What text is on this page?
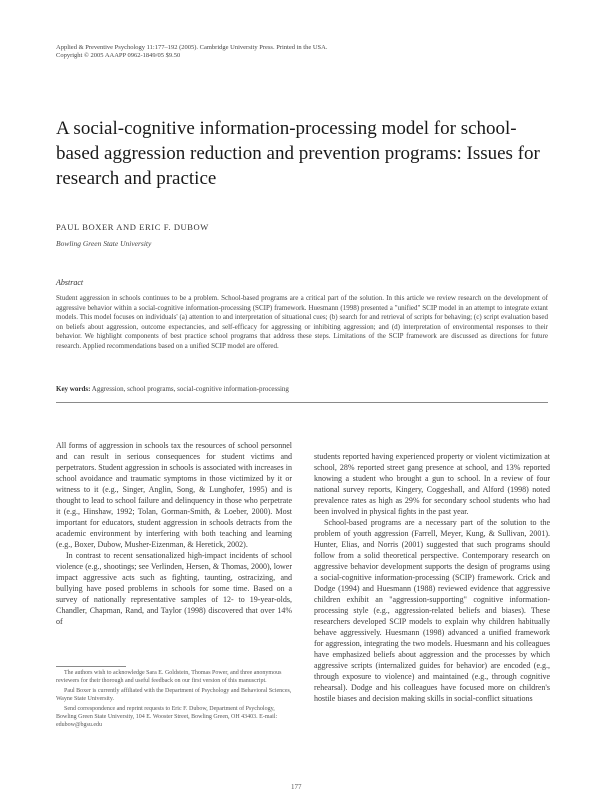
Applied & Preventive Psychology 11:177–192 (2005). Cambridge University Press. Printed in the USA.
Copyright © 2005 AAAPP 0962-1849/05 $9.50
A social-cognitive information-processing model for school-based aggression reduction and prevention programs: Issues for research and practice
PAUL BOXER AND ERIC F. DUBOW
Bowling Green State University
Abstract

Student aggression in schools continues to be a problem. School-based programs are a critical part of the solution. In this article we review research on the development of aggressive behavior within a social-cognitive information-processing (SCIP) framework. Huesmann (1998) presented a "unified" SCIP model in an attempt to integrate extant models. This model focuses on individuals' (a) attention to and interpretation of situational cues; (b) search for and retrieval of scripts for behaving; (c) script evaluation based on beliefs about aggression, outcome expectancies, and self-efficacy for aggressing or inhibiting aggression; and (d) interpretation of environmental responses to their behavior. We highlight components of best practice school programs that address these steps. Limitations of the SCIP framework are discussed as directions for future research. Applied recommendations based on a unified SCIP model are offered.

Key words: Aggression, school programs, social-cognitive information-processing

All forms of aggression in schools tax the resources of school personnel and can result in serious consequences for student victims and perpetrators. Student aggression in schools is associated with increases in school avoidance and traumatic symptoms in those victimized by it or witness to it (e.g., Singer, Anglin, Song, & Lunghofer, 1995) and is thought to lead to school failure and delinquency in those who perpetrate it (e.g., Hinshaw, 1992; Tolan, Gorman-Smith, & Loeber, 2000). Most important for educators, student aggression in schools detracts from the academic environment by interfering with both teaching and learning (e.g., Boxer, Dubow, Musher-Eizenman, & Heretick, 2002).

In contrast to recent sensationalized high-impact incidents of school violence (e.g., shootings; see Verlinden, Hersen, & Thomas, 2000), lower impact aggressive acts such as fighting, taunting, ostracizing, and bullying have posed problems in schools for some time. Based on a survey of nationally representative samples of 12- to 19-year-olds, Chandler, Chapman, Rand, and Taylor (1998) discovered that over 14% of

students reported having experienced property or violent victimization at school, 28% reported street gang presence at school, and 13% reported knowing a student who brought a gun to school. In a review of four national survey reports, Kingery, Coggeshall, and Alford (1998) noted prevalence rates as high as 29% for secondary school students who had been involved in physical fights in the past year.

School-based programs are a necessary part of the solution to the problem of youth aggression (Farrell, Meyer, Kung, & Sullivan, 2001). Hunter, Elias, and Norris (2001) suggested that such programs should follow from a solid theoretical perspective. Contemporary research on aggressive behavior development supports the design of programs using a social-cognitive information-processing (SCIP) framework. Crick and Dodge (1994) and Huesmann (1988) reviewed evidence that aggressive children exhibit an "aggression-supporting" cognitive information-processing style (e.g., aggression-related beliefs and biases). These researchers developed SCIP models to explain why children habitually behave aggressively. Huesmann (1998) advanced a unified framework for aggression, integrating the two models. Huesmann and his colleagues have emphasized beliefs about aggression and the processes by which aggressive scripts (internalized guides for behavior) are encoded (e.g., through exposure to violence) and maintained (e.g., through cognitive rehearsal). Dodge and his colleagues have focused more on children's hostile biases and decision making skills in social-conflict situations

The authors wish to acknowledge Sara E. Goldstein, Thomas Power, and three anonymous reviewers for their thorough and useful feedback on our first version of this manuscript.

Paul Boxer is currently affiliated with the Department of Psychology and Behavioral Sciences, Wayne State University.

Send correspondence and reprint requests to Eric F. Dubow, Department of Psychology, Bowling Green State University, 104 E. Wooster Street, Bowling Green, OH 43403. E-mail: edubow@bgsu.edu

177
